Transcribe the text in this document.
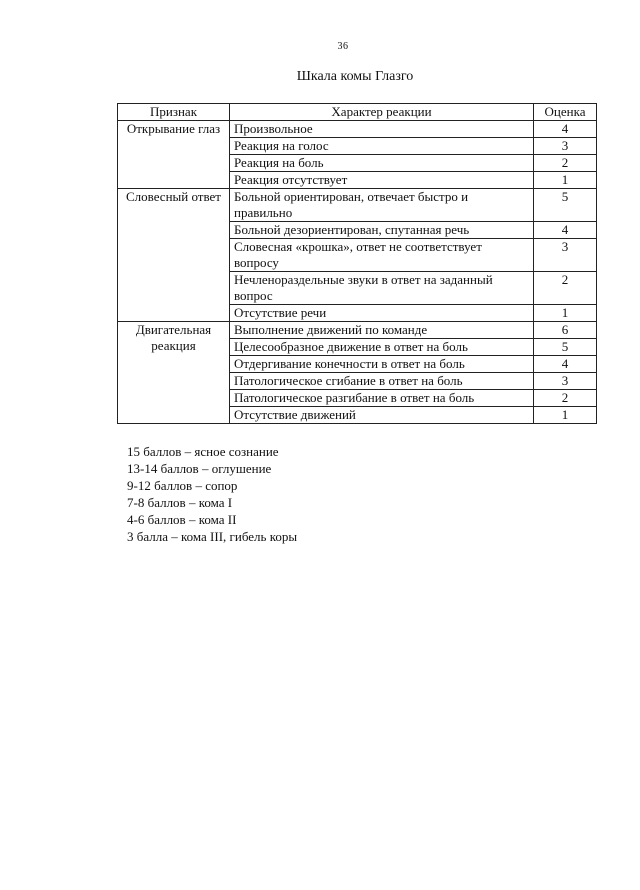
36
Шкала комы Глазго
Признак	Характер реакции	Оценка
Открывание глаз	Произвольное	4
	Реакция на голос	3
	Реакция на боль	2
	Реакция отсутствует	1
Словесный ответ	Больной ориентирован, отвечает быстро и правильно	5
	Больной дезориентирован, спутанная речь	4
	Словесная «крошка», ответ не соответствует вопросу	3
	Нечленораздельные звуки в ответ на заданный вопрос	2
	Отсутствие речи	1
Двигательная реакция	Выполнение движений по команде	6
	Целесообразное движение в ответ на боль	5
	Отдергивание конечности в ответ на боль	4
	Патологическое сгибание в ответ на боль	3
	Патологическое разгибание в ответ на боль	2
	Отсутствие движений	1
15 баллов – ясное сознание
13-14 баллов – оглушение
9-12 баллов – сопор
7-8 баллов – кома I
4-6 баллов – кома II
3 балла – кома III, гибель коры
